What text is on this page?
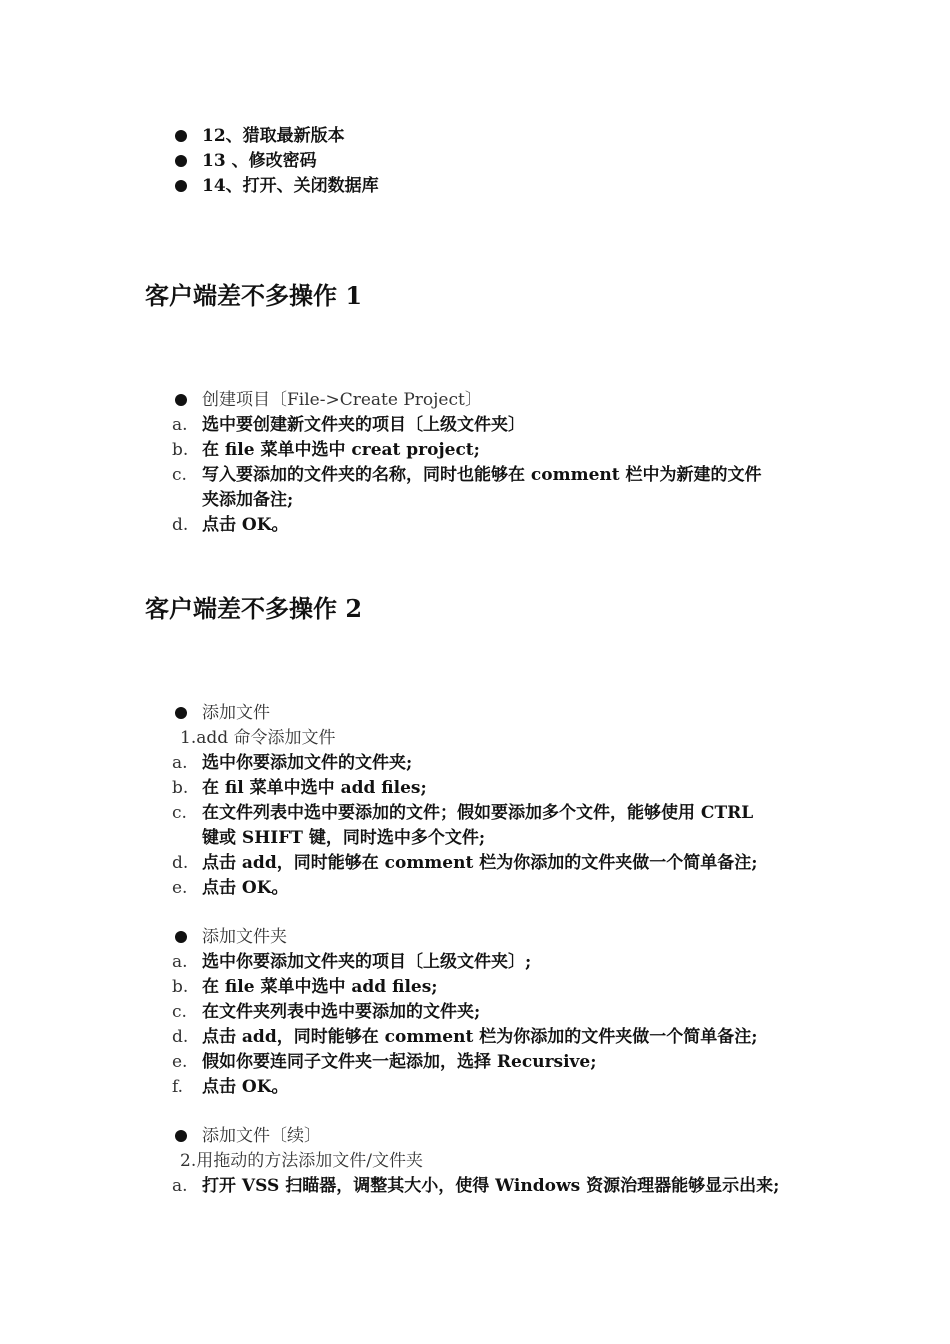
12、猎取最新版本
13 、修改密码
14、打开、关闭数据库
客户端差不多操作 1
创建项目〔File->Create Project〕
a. 选中要创建新文件夹的项目〔上级文件夹〕
b. 在 file 菜单中选中 creat project;
c. 写入要添加的文件夹的名称，同时也能够在 comment 栏中为新建的文件
夹添加备注;
d. 点击 OK。
客户端差不多操作 2
添加文件
1.add 命令添加文件
a. 选中你要添加文件的文件夹;
b. 在 fil 菜单中选中 add files;
c. 在文件列表中选中要添加的文件；假如要添加多个文件，能够使用 CTRL
键或 SHIFT 键，同时选中多个文件;
d. 点击 add，同时能够在 comment 栏为你添加的文件夹做一个简单备注;
e. 点击 OK。
添加文件夹
a. 选中你要添加文件夹的项目〔上级文件夹〕;
b. 在 file 菜单中选中 add files;
c. 在文件夹列表中选中要添加的文件夹;
d. 点击 add，同时能够在 comment 栏为你添加的文件夹做一个简单备注;
e. 假如你要连同子文件夹一起添加，选择 Recursive;
f.	点击 OK。
添加文件〔续〕
2.用拖动的方法添加文件/文件夹
a. 打开 VSS 扫瞄器，调整其大小，使得 Windows 资源治理器能够显示出来;
